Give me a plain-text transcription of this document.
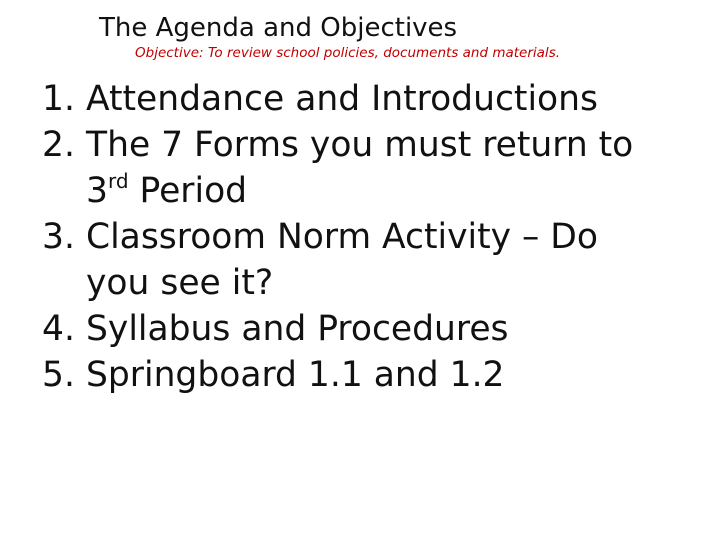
The Agenda and Objectives
Objective: To review school policies, documents and materials.
1. Attendance and Introductions
2. The 7 Forms you must return to
3rd Period
3. Classroom Norm Activity – Do
you see it?
4. Syllabus and Procedures
5. Springboard 1.1 and 1.2
